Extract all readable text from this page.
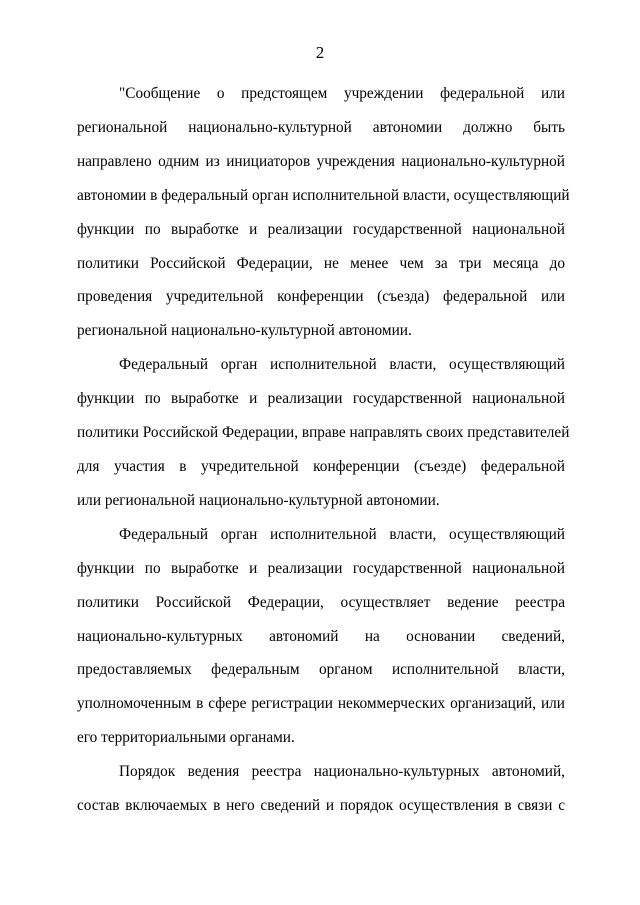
2
"Сообщение о предстоящем учреждении федеральной или
региональной национально-культурной автономии должно быть
направлено одним из инициаторов учреждения национально-культурной
автономии в федеральный орган исполнительной власти, осуществляющий
функции по выработке и реализации государственной национальной
политики Российской Федерации, не менее чем за три месяца до
проведения учредительной конференции (съезда) федеральной или
региональной национально-культурной автономии.
Федеральный орган исполнительной власти, осуществляющий
функции по выработке и реализации государственной национальной
политики Российской Федерации, вправе направлять своих представителей
для участия в учредительной конференции (съезде) федеральной
или региональной национально-культурной автономии.
Федеральный орган исполнительной власти, осуществляющий
функции по выработке и реализации государственной национальной
политики Российской Федерации, осуществляет ведение реестра
национально-культурных автономий на основании сведений,
предоставляемых федеральным органом исполнительной власти,
уполномоченным в сфере регистрации некоммерческих организаций, или
его территориальными органами.
Порядок ведения реестра национально-культурных автономий,
состав включаемых в него сведений и порядок осуществления в связи с
